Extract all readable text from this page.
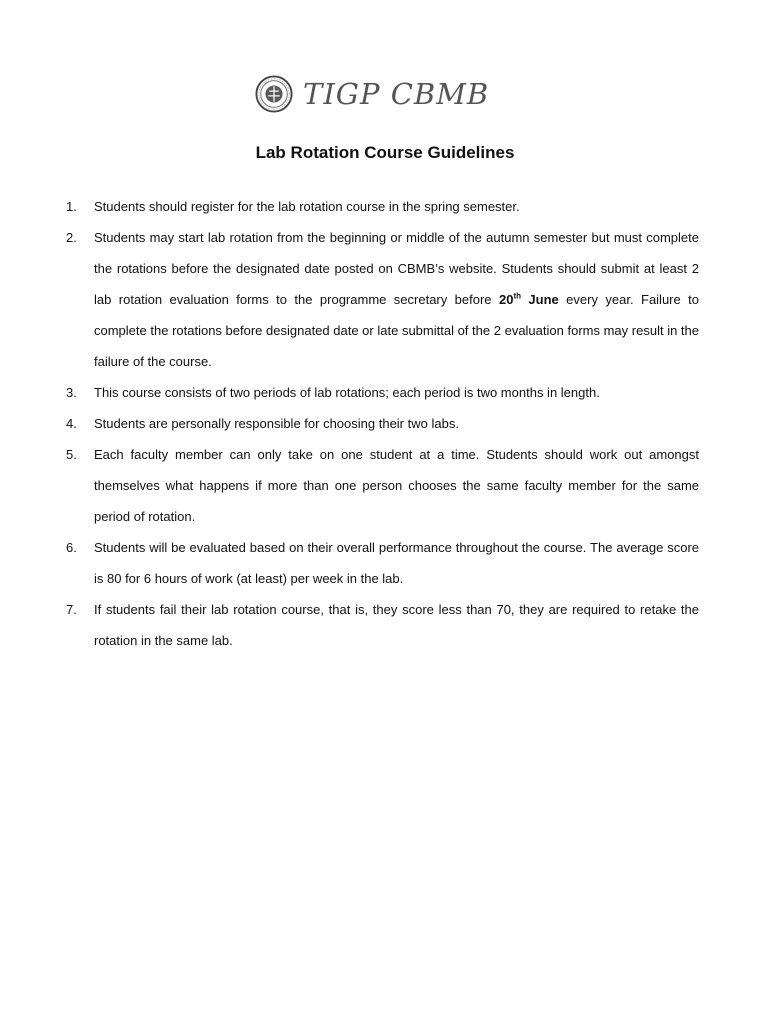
TIGP CBMB
Lab Rotation Course Guidelines
1.	Students should register for the lab rotation course in the spring semester.
2.	Students may start lab rotation from the beginning or middle of the autumn semester but must complete the rotations before the designated date posted on CBMB’s website. Students should submit at least 2 lab rotation evaluation forms to the programme secretary before 20th June every year. Failure to complete the rotations before designated date or late submittal of the 2 evaluation forms may result in the failure of the course.
3.	This course consists of two periods of lab rotations; each period is two months in length.
4.	Students are personally responsible for choosing their two labs.
5.	Each faculty member can only take on one student at a time. Students should work out amongst themselves what happens if more than one person chooses the same faculty member for the same period of rotation.
6.	Students will be evaluated based on their overall performance throughout the course. The average score is 80 for 6 hours of work (at least) per week in the lab.
7.	If students fail their lab rotation course, that is, they score less than 70, they are required to retake the rotation in the same lab.
